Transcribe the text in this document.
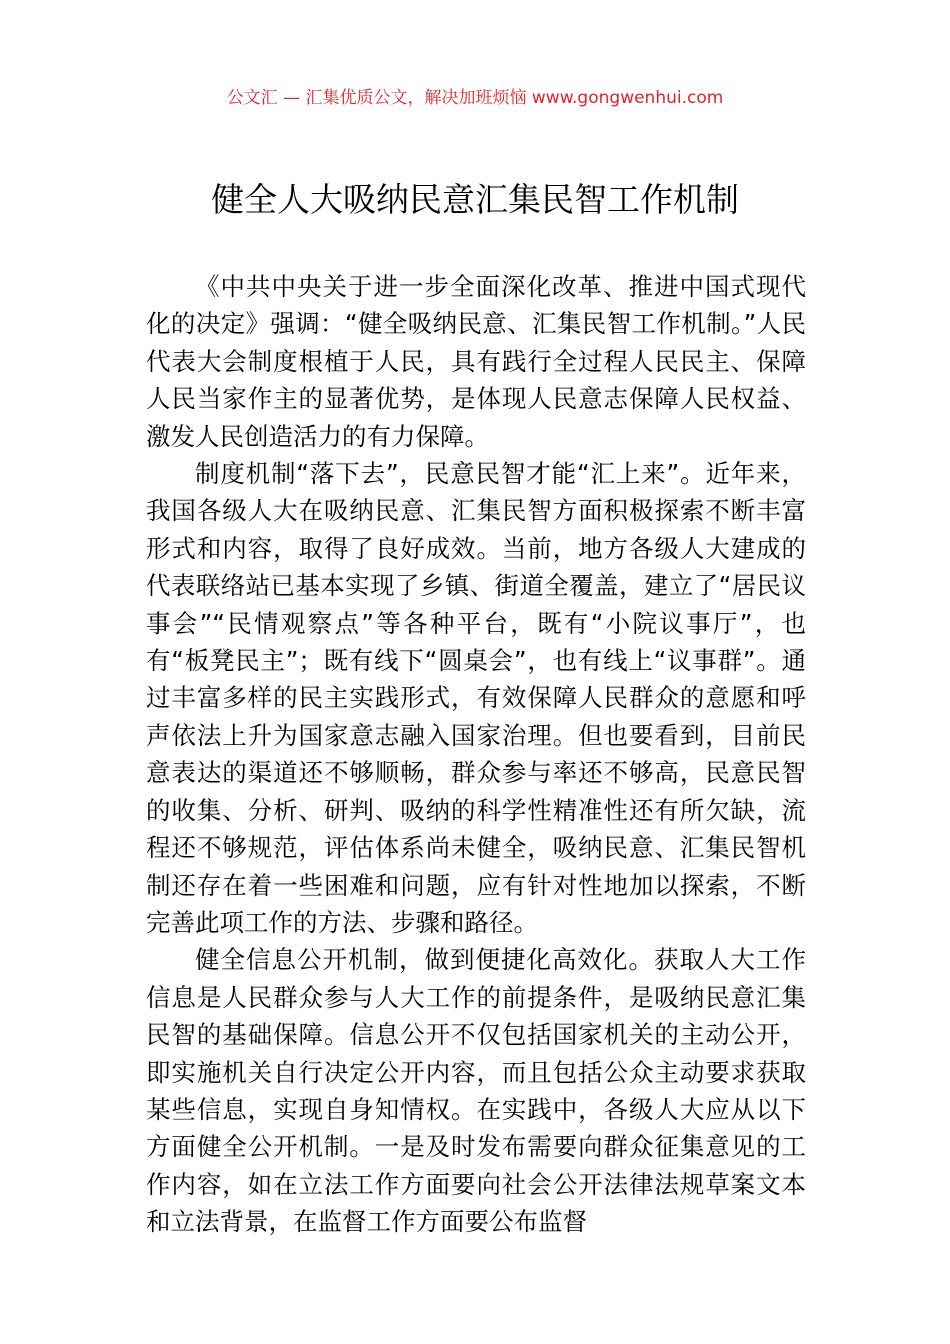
公文汇 — 汇集优质公文，解决加班烦恼 www.gongwenhui.com
健全人大吸纳民意汇集民智工作机制

《中共中央关于进一步全面深化改革、推进中国式现代化的决定》强调：“健全吸纳民意、汇集民智工作机制。”人民代表大会制度根植于人民，具有践行全过程人民民主、保障人民当家作主的显著优势，是体现人民意志保障人民权益、激发人民创造活力的有力保障。

制度机制“落下去”，民意民智才能“汇上来”。近年来，我国各级人大在吸纳民意、汇集民智方面积极探索不断丰富形式和内容，取得了良好成效。当前，地方各级人大建成的代表联络站已基本实现了乡镇、街道全覆盖，建立了“居民议事会”“民情观察点”等各种平台，既有“小院议事厅”，也有“板凳民主”；既有线下“圆桌会”，也有线上“议事群”。通过丰富多样的民主实践形式，有效保障人民群众的意愿和呼声依法上升为国家意志融入国家治理。但也要看到，目前民意表达的渠道还不够顺畅，群众参与率还不够高，民意民智的收集、分析、研判、吸纳的科学性精准性还有所欠缺，流程还不够规范，评估体系尚未健全，吸纳民意、汇集民智机制还存在着一些困难和问题，应有针对性地加以探索，不断完善此项工作的方法、步骤和路径。

健全信息公开机制，做到便捷化高效化。获取人大工作信息是人民群众参与人大工作的前提条件，是吸纳民意汇集民智的基础保障。信息公开不仅包括国家机关的主动公开，即实施机关自行决定公开内容，而且包括公众主动要求获取某些信息，实现自身知情权。在实践中，各级人大应从以下方面健全公开机制。一是及时发布需要向群众征集意见的工作内容，如在立法工作方面要向社会公开法律法规草案文本和立法背景，在监督工作方面要公布监督
